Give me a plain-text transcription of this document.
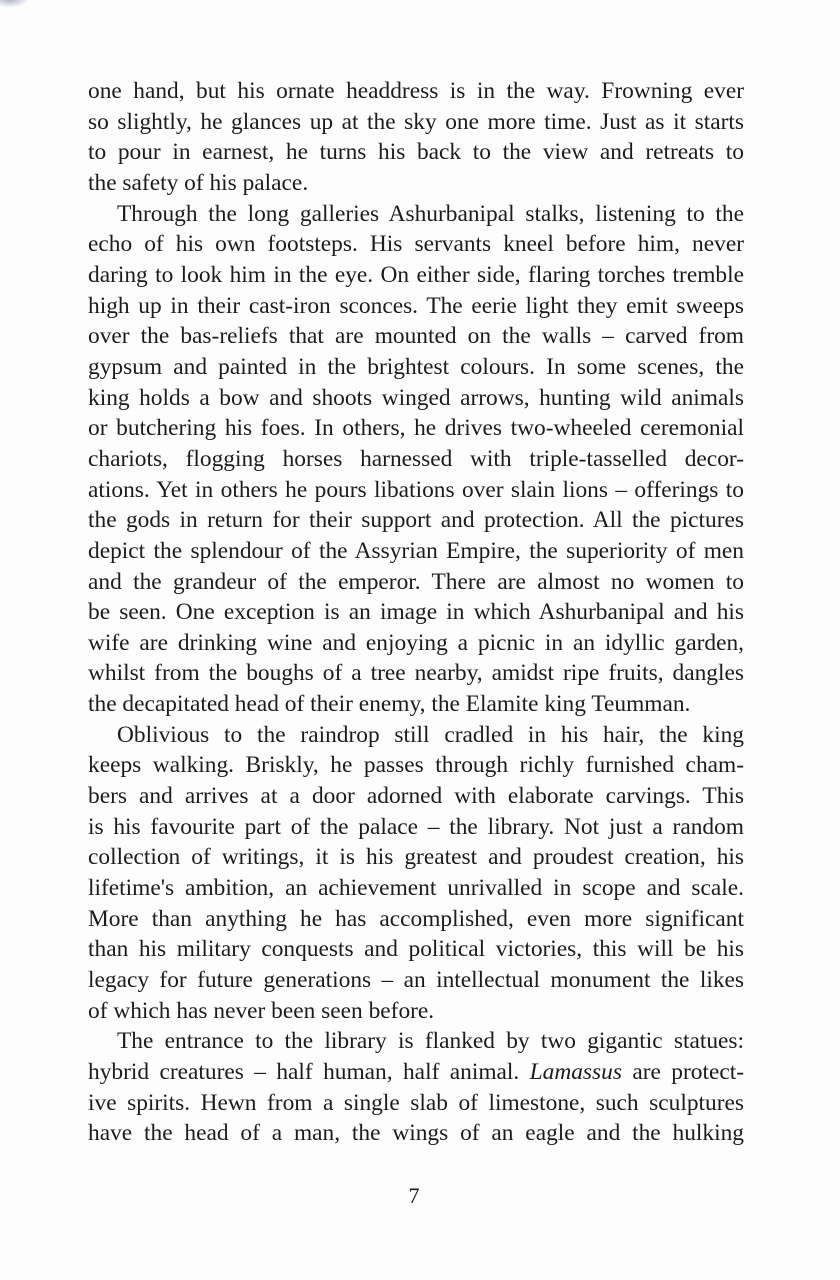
one hand, but his ornate headdress is in the way. Frowning ever
so slightly, he glances up at the sky one more time. Just as it starts
to pour in earnest, he turns his back to the view and retreats to
the safety of his palace.

Through the long galleries Ashurbanipal stalks, listening to the
echo of his own footsteps. His servants kneel before him, never
daring to look him in the eye. On either side, flaring torches tremble
high up in their cast-iron sconces. The eerie light they emit sweeps
over the bas-reliefs that are mounted on the walls – carved from
gypsum and painted in the brightest colours. In some scenes, the
king holds a bow and shoots winged arrows, hunting wild animals
or butchering his foes. In others, he drives two-wheeled ceremonial
chariots, flogging horses harnessed with triple-tasselled decor-
ations. Yet in others he pours libations over slain lions – offerings to
the gods in return for their support and protection. All the pictures
depict the splendour of the Assyrian Empire, the superiority of men
and the grandeur of the emperor. There are almost no women to
be seen. One exception is an image in which Ashurbanipal and his
wife are drinking wine and enjoying a picnic in an idyllic garden,
whilst from the boughs of a tree nearby, amidst ripe fruits, dangles
the decapitated head of their enemy, the Elamite king Teumman.

Oblivious to the raindrop still cradled in his hair, the king
keeps walking. Briskly, he passes through richly furnished cham-
bers and arrives at a door adorned with elaborate carvings. This
is his favourite part of the palace – the library. Not just a random
collection of writings, it is his greatest and proudest creation, his
lifetime's ambition, an achievement unrivalled in scope and scale.
More than anything he has accomplished, even more significant
than his military conquests and political victories, this will be his
legacy for future generations – an intellectual monument the likes
of which has never been seen before.

The entrance to the library is flanked by two gigantic statues:
hybrid creatures – half human, half animal. Lamassus are protect-
ive spirits. Hewn from a single slab of limestone, such sculptures
have the head of a man, the wings of an eagle and the hulking

7
